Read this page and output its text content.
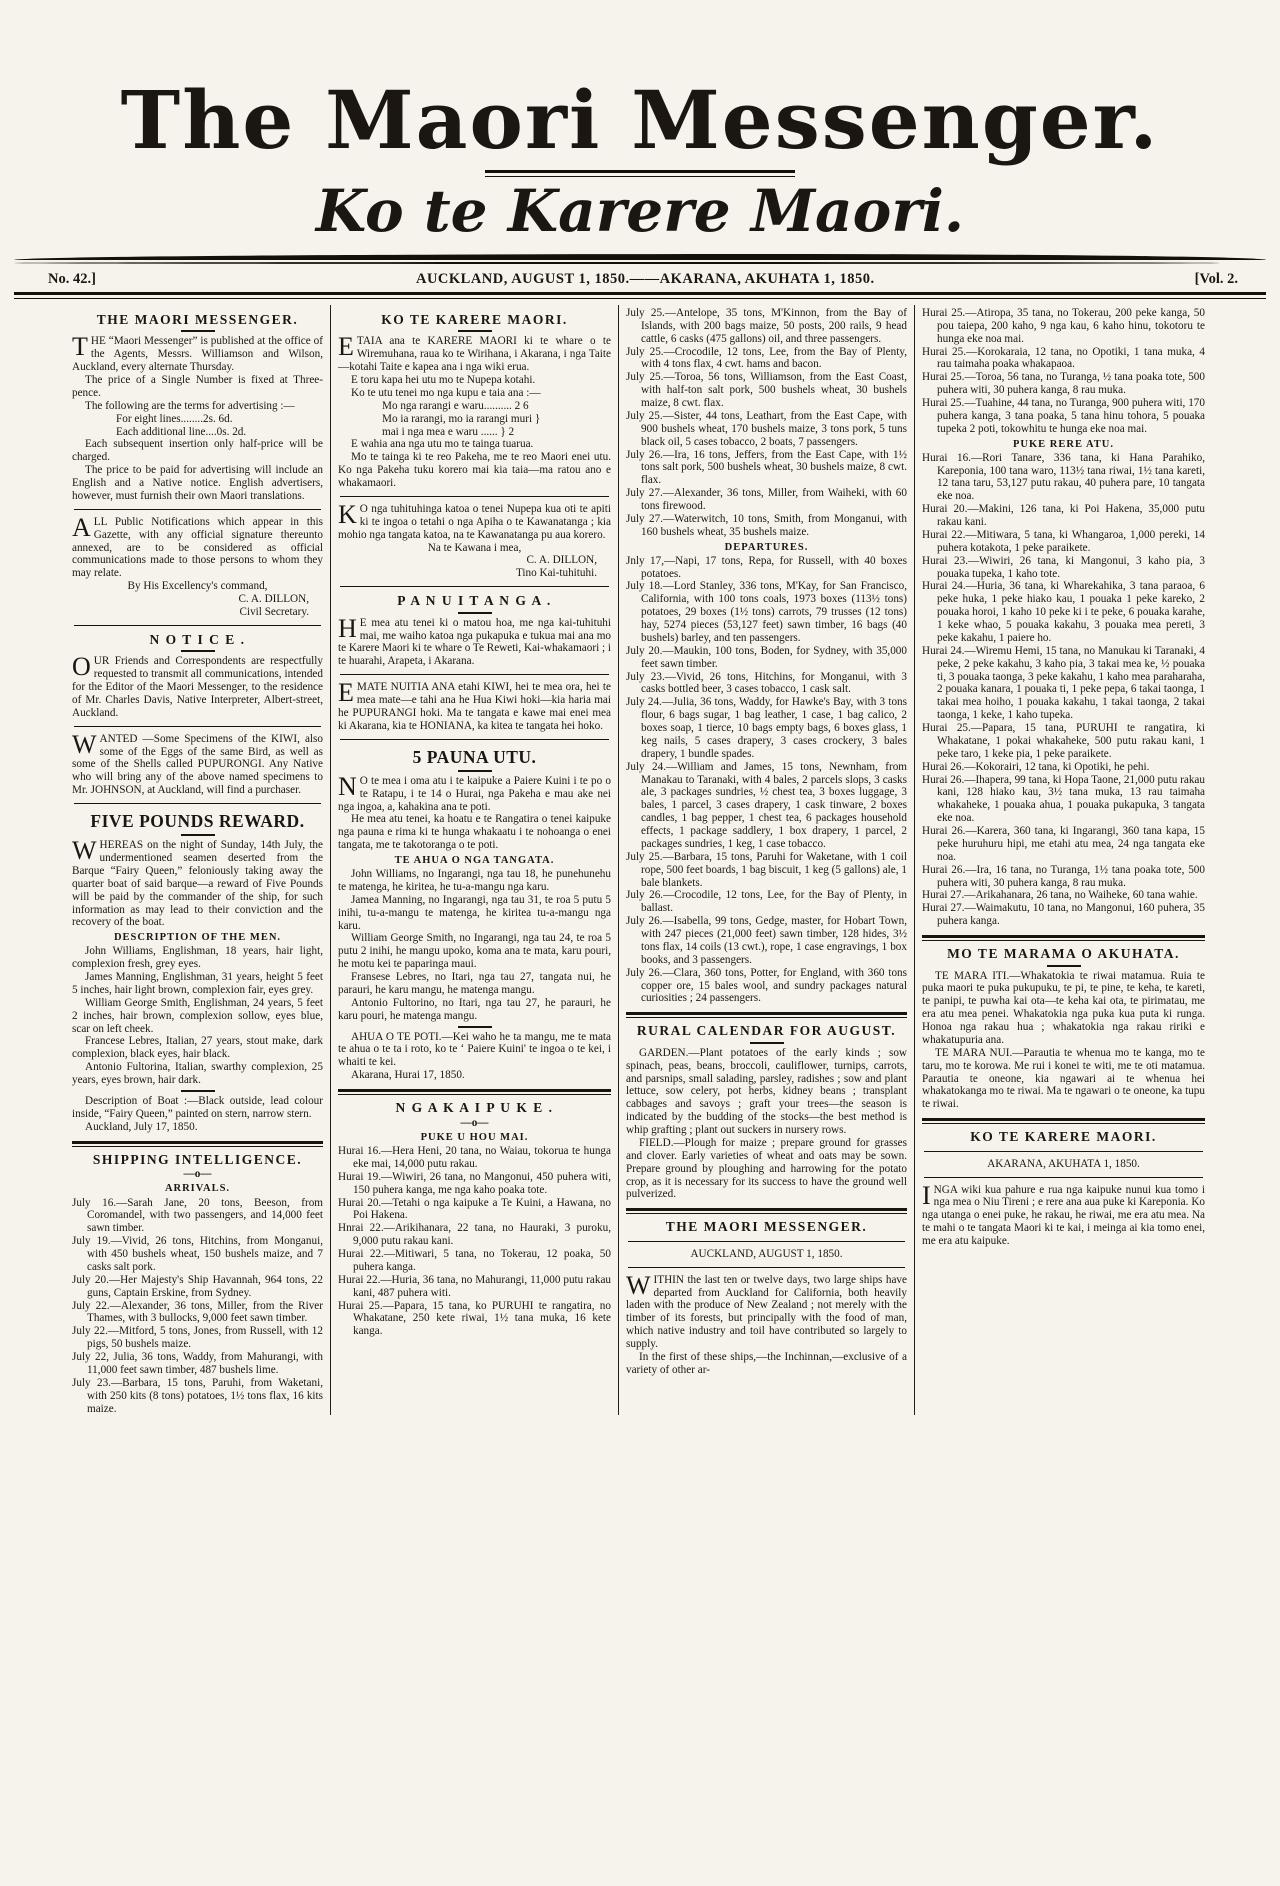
The Maori Messenger.
Ko te Karere Maori.
No. 42.]	AUCKLAND, AUGUST 1, 1850.——AKARANA, AKUHATA 1, 1850.	[Vol. 2.
THE MAORI MESSENGER.

THE “Maori Messenger” is published at the office of the Agents, Messrs. Williamson and Wilson, Auckland, every alternate Thursday.

The price of a Single Number is fixed at Three-pence.

The following are the terms for advertising :—

For eight lines........2s. 6d.

Each additional line....0s. 2d.

Each subsequent insertion only half-price will be charged.

The price to be paid for advertising will include an English and a Native notice. English advertisers, however, must furnish their own Maori translations.

ALL Public Notifications which appear in this Gazette, with any official signature thereunto annexed, are to be considered as official communications made to those persons to whom they may relate.

By His Excellency's command,

C. A. DILLON,

Civil Secretary.

N O T I C E .

OUR Friends and Correspondents are respectfully requested to transmit all communications, intended for the Editor of the Maori Messenger, to the residence of Mr. Charles Davis, Native Interpreter, Albert-street, Auckland.

WANTED —Some Specimens of the KIWI, also some of the Eggs of the same Bird, as well as some of the Shells called PUPURONGI. Any Native who will bring any of the above named specimens to Mr. JOHNSON, at Auckland, will find a purchaser.

FIVE POUNDS REWARD.

WHEREAS on the night of Sunday, 14th July, the undermentioned seamen deserted from the Barque “Fairy Queen,” feloniously taking away the quarter boat of said barque—a reward of Five Pounds will be paid by the commander of the ship, for such information as may lead to their conviction and the recovery of the boat.

DESCRIPTION OF THE MEN.

John Williams, Englishman, 18 years, hair light, complexion fresh, grey eyes.

James Manning, Englishman, 31 years, height 5 feet 5 inches, hair light brown, complexion fair, eyes grey.

William George Smith, Englishman, 24 years, 5 feet 2 inches, hair brown, complexion sollow, eyes blue, scar on left cheek.

Francese Lebres, Italian, 27 years, stout make, dark complexion, black eyes, hair black.

Antonio Fultorina, Italian, swarthy complexion, 25 years, eyes brown, hair dark.

Description of Boat :—Black outside, lead colour inside, “Fairy Queen,” painted on stern, narrow stern.

Auckland, July 17, 1850.

SHIPPING INTELLIGENCE.
—o—
ARRIVALS.

July 16.—Sarah Jane, 20 tons, Beeson, from Coromandel, with two passengers, and 14,000 feet sawn timber.

July 19.—Vivid, 26 tons, Hitchins, from Monganui, with 450 bushels wheat, 150 bushels maize, and 7 casks salt pork.

July 20.—Her Majesty's Ship Havannah, 964 tons, 22 guns, Captain Erskine, from Sydney.

July 22.—Alexander, 36 tons, Miller, from the River Thames, with 3 bullocks, 9,000 feet sawn timber.

July 22.—Mitford, 5 tons, Jones, from Russell, with 12 pigs, 50 bushels maize.

July 22, Julia, 36 tons, Waddy, from Mahurangi, with 11,000 feet sawn timber, 487 bushels lime.

July 23.—Barbara, 15 tons, Paruhi, from Waketani, with 250 kits (8 tons) potatoes, 1½ tons flax, 16 kits maize.

KO TE KARERE MAORI.

ETAIA ana te KARERE MAORI ki te whare o te Wiremuhana, raua ko te Wirihana, i Akarana, i nga Taite—kotahi Taite e kapea ana i nga wiki erua.

E toru kapa hei utu mo te Nupepa kotahi.

Ko te utu tenei mo nga kupu e taia ana :—

Mo nga rarangi e waru.......... 2 6

Mo ia rarangi, mo ia rarangi muri }

mai i nga mea e waru ...... } 2

E wahia ana nga utu mo te tainga tuarua.

Mo te tainga ki te reo Pakeha, me te reo Maori enei utu. Ko nga Pakeha tuku korero mai kia taia—ma ratou ano e whakamaori.

KO nga tuhituhinga katoa o tenei Nupepa kua oti te apiti ki te ingoa o tetahi o nga Apiha o te Kawanatanga ; kia mohio nga tangata katoa, na te Kawanatanga pu aua korero.

Na te Kawana i mea,

C. A. DILLON,

Tino Kai-tuhituhi.

P A N U I T A N G A .

HE mea atu tenei ki o matou hoa, me nga kai-tuhituhi mai, me waiho katoa nga pukapuka e tukua mai ana mo te Karere Maori ki te whare o Te Reweti, Kai-whakamaori ; i te huarahi, Arapeta, i Akarana.

EMATE NUITIA ANA etahi KIWI, hei te mea ora, hei te mea mate—e tahi ana he Hua Kiwi hoki—kia haria mai he PUPURANGI hoki. Ma te tangata e kawe mai enei mea ki Akarana, kia te HONIANA, ka kitea te tangata hei hoko.

5 PAUNA UTU.

NO te mea i oma atu i te kaipuke a Paiere Kuini i te po o te Ratapu, i te 14 o Hurai, nga Pakeha e mau ake nei nga ingoa, a, kahakina ana te poti.

He mea atu tenei, ka hoatu e te Rangatira o tenei kaipuke nga pauna e rima ki te hunga whakaatu i te nohoanga o enei tangata, me te takotoranga o te poti.

TE AHUA O NGA TANGATA.

John Williams, no Ingarangi, nga tau 18, he punehunehu te matenga, he kiritea, he tu-a-mangu nga karu.

Jamea Manning, no Ingarangi, nga tau 31, te roa 5 putu 5 inihi, tu-a-mangu te matenga, he kiritea tu-a-mangu nga karu.

William George Smith, no Ingarangi, nga tau 24, te roa 5 putu 2 inihi, he mangu upoko, koma ana te mata, karu pouri, he motu kei te paparinga maui.

Fransese Lebres, no Itari, nga tau 27, tangata nui, he parauri, he karu mangu, he matenga mangu.

Antonio Fultorino, no Itari, nga tau 27, he parauri, he karu pouri, he matenga mangu.

AHUA O TE POTI.—Kei waho he ta mangu, me te mata te ahua o te ta i roto, ko te ‘ Paiere Kuini' te ingoa o te kei, i whaiti te kei.

Akarana, Hurai 17, 1850.

N G A K A I P U K E .
—o—
PUKE U HOU MAI.

Hurai 16.—Hera Heni, 20 tana, no Waiau, tokorua te hunga eke mai, 14,000 putu rakau.

Hurai 19.—Wiwiri, 26 tana, no Mangonui, 450 puhera witi, 150 puhera kanga, me nga kaho poaka tote.

Hurai 20.—Tetahi o nga kaipuke a Te Kuini, a Hawana, no Poi Hakena.

Hnrai 22.—Arikihanara, 22 tana, no Hauraki, 3 puroku, 9,000 putu rakau kani.

Hurai 22.—Mitiwari, 5 tana, no Tokerau, 12 poaka, 50 puhera kanga.

Hurai 22.—Huria, 36 tana, no Mahurangi, 11,000 putu rakau kani, 487 puhera witi.

Hurai 25.—Papara, 15 tana, ko PURUHI te rangatira, no Whakatane, 250 kete riwai, 1½ tana muka, 16 kete kanga.

July 25.—Antelope, 35 tons, M'Kinnon, from the Bay of Islands, with 200 bags maize, 50 posts, 200 rails, 9 head cattle, 6 casks (475 gallons) oil, and three passengers.

July 25.—Crocodile, 12 tons, Lee, from the Bay of Plenty, with 4 tons flax, 4 cwt. hams and bacon.

July 25.—Toroa, 56 tons, Williamson, from the East Coast, with half-ton salt pork, 500 bushels wheat, 30 bushels maize, 8 cwt. flax.

July 25.—Sister, 44 tons, Leathart, from the East Cape, with 900 bushels wheat, 170 bushels maize, 3 tons pork, 5 tuns black oil, 5 cases tobacco, 2 boats, 7 passengers.

July 26.—Ira, 16 tons, Jeffers, from the East Cape, with 1½ tons salt pork, 500 bushels wheat, 30 bushels maize, 8 cwt. flax.

July 27.—Alexander, 36 tons, Miller, from Waiheki, with 60 tons firewood.

July 27.—Waterwitch, 10 tons, Smith, from Monganui, with 160 bushels wheat, 35 bushels maize.

DEPARTURES.

Jnly 17,—Napi, 17 tons, Repa, for Russell, with 40 boxes potatoes.

July 18.—Lord Stanley, 336 tons, M'Kay, for San Francisco, California, with 100 tons coals, 1973 boxes (113½ tons) potatoes, 29 boxes (1½ tons) carrots, 79 trusses (12 tons) hay, 5274 pieces (53,127 feet) sawn timber, 16 bags (40 bushels) barley, and ten passengers.

July 20.—Maukin, 100 tons, Boden, for Sydney, with 35,000 feet sawn timber.

July 23.—Vivid, 26 tons, Hitchins, for Monganui, with 3 casks bottled beer, 3 cases tobacco, 1 cask salt.

July 24.—Julia, 36 tons, Waddy, for Hawke's Bay, with 3 tons flour, 6 bags sugar, 1 bag leather, 1 case, 1 bag calico, 2 boxes soap, 1 tierce, 10 bags empty bags, 6 boxes glass, 1 keg nails, 5 cases drapery, 3 cases crockery, 3 bales drapery, 1 bundle spades.

July 24.—William and James, 15 tons, Newnham, from Manakau to Taranaki, with 4 bales, 2 parcels slops, 3 casks ale, 3 packages sundries, ½ chest tea, 3 boxes luggage, 3 bales, 1 parcel, 3 cases drapery, 1 cask tinware, 2 boxes candles, 1 bag pepper, 1 chest tea, 6 packages household effects, 1 package saddlery, 1 box drapery, 1 parcel, 2 packages sundries, 1 keg, 1 case tobacco.

July 25.—Barbara, 15 tons, Paruhi for Waketane, with 1 coil rope, 500 feet boards, 1 bag biscuit, 1 keg (5 gallons) ale, 1 bale blankets.

July 26.—Crocodile, 12 tons, Lee, for the Bay of Plenty, in ballast.

July 26.—Isabella, 99 tons, Gedge, master, for Hobart Town, with 247 pieces (21,000 feet) sawn timber, 128 hides, 3½ tons flax, 14 coils (13 cwt.), rope, 1 case engravings, 1 box books, and 3 passengers.

July 26.—Clara, 360 tons, Potter, for England, with 360 tons copper ore, 15 bales wool, and sundry packages natural curiosities ; 24 passengers.

RURAL CALENDAR FOR AUGUST.

GARDEN.—Plant potatoes of the early kinds ; sow spinach, peas, beans, broccoli, cauliflower, turnips, carrots, and parsnips, small salading, parsley, radishes ; sow and plant lettuce, sow celery, pot herbs, kidney beans ; transplant cabbages and savoys ; graft your trees—the season is indicated by the budding of the stocks—the best method is whip grafting ; plant out suckers in nursery rows.

FIELD.—Plough for maize ; prepare ground for grasses and clover. Early varieties of wheat and oats may be sown. Prepare ground by ploughing and harrowing for the potato crop, as it is necessary for its success to have the ground well pulverized.

THE MAORI MESSENGER.

AUCKLAND, AUGUST 1, 1850.

WITHIN the last ten or twelve days, two large ships have departed from Auckland for California, both heavily laden with the produce of New Zealand ; not merely with the timber of its forests, but principally with the food of man, which native industry and toil have contributed so largely to supply.

In the first of these ships,—the Inchinnan,—exclusive of a variety of other ar-

Hurai 25.—Atiropa, 35 tana, no Tokerau, 200 peke kanga, 50 pou taiepa, 200 kaho, 9 nga kau, 6 kaho hinu, tokotoru te hunga eke noa mai.

Hurai 25.—Korokaraia, 12 tana, no Opotiki, 1 tana muka, 4 rau taimaha poaka whakapaoa.

Hurai 25.—Toroa, 56 tana, no Turanga, ½ tana poaka tote, 500 puhera witi, 30 puhera kanga, 8 rau muka.

Hurai 25.—Tuahine, 44 tana, no Turanga, 900 puhera witi, 170 puhera kanga, 3 tana poaka, 5 tana hinu tohora, 5 pouaka tupeka 2 poti, tokowhitu te hunga eke noa mai.

PUKE RERE ATU.

Hurai 16.—Rori Tanare, 336 tana, ki Hana Parahiko, Kareponia, 100 tana waro, 113½ tana riwai, 1½ tana kareti, 12 tana taru, 53,127 putu rakau, 40 puhera pare, 10 tangata eke noa.

Hurai 20.—Makini, 126 tana, ki Poi Hakena, 35,000 putu rakau kani.

Hurai 22.—Mitiwara, 5 tana, ki Whangaroa, 1,000 pereki, 14 puhera kotakota, 1 peke paraikete.

Hurai 23.—Wiwiri, 26 tana, ki Mangonui, 3 kaho pia, 3 pouaka tupeka, 1 kaho tote.

Hurai 24.—Huria, 36 tana, ki Wharekahika, 3 tana paraoa, 6 peke huka, 1 peke hiako kau, 1 pouaka 1 peke kareko, 2 pouaka horoi, 1 kaho 10 peke ki i te peke, 6 pouaka karahe, 1 keke whao, 5 pouaka kakahu, 3 pouaka mea pereti, 3 peke kakahu, 1 paiere ho.

Hurai 24.—Wiremu Hemi, 15 tana, no Manukau ki Taranaki, 4 peke, 2 peke kakahu, 3 kaho pia, 3 takai mea ke, ½ pouaka ti, 3 pouaka taonga, 3 peke kakahu, 1 kaho mea paraharaha, 2 pouaka kanara, 1 pouaka ti, 1 peke pepa, 6 takai taonga, 1 takai mea hoiho, 1 pouaka kakahu, 1 takai taonga, 2 takai taonga, 1 keke, 1 kaho tupeka.

Hurai 25.—Papara, 15 tana, PURUHI te rangatira, ki Whakatane, 1 pokai whakaheke, 500 putu rakau kani, 1 peke taro, 1 keke pia, 1 peke paraikete.

Hurai 26.—Kokorairi, 12 tana, ki Opotiki, he pehi.

Hurai 26.—Ihapera, 99 tana, ki Hopa Taone, 21,000 putu rakau kani, 128 hiako kau, 3½ tana muka, 13 rau taimaha whakaheke, 1 pouaka ahua, 1 pouaka pukapuka, 3 tangata eke noa.

Hurai 26.—Karera, 360 tana, ki Ingarangi, 360 tana kapa, 15 peke huruhuru hipi, me etahi atu mea, 24 nga tangata eke noa.

Hurai 26.—Ira, 16 tana, no Turanga, 1½ tana poaka tote, 500 puhera witi, 30 puhera kanga, 8 rau muka.

Hurai 27.—Arikahanara, 26 tana, no Waiheke, 60 tana wahie.

Hurai 27.—Waimakutu, 10 tana, no Mangonui, 160 puhera, 35 puhera kanga.

MO TE MARAMA O AKUHATA.

TE MARA ITI.—Whakatokia te riwai matamua. Ruia te puka maori te puka pukupuku, te pi, te pine, te keha, te kareti, te panipi, te puwha kai ota—te keha kai ota, te pirimatau, me era atu mea penei. Whakatokia nga puka kua puta ki runga. Honoa nga rakau hua ; whakatokia nga rakau ririki e whakatupuria ana.

TE MARA NUI.—Parautia te whenua mo te kanga, mo te taru, mo te korowa. Me rui i konei te witi, me te oti matamua. Parautia te oneone, kia ngawari ai te whenua hei whakatokanga mo te riwai. Ma te ngawari o te oneone, ka tupu te riwai.

KO TE KARERE MAORI.

AKARANA, AKUHATA 1, 1850.

INGA wiki kua pahure e rua nga kaipuke nunui kua tomo i nga mea o Niu Tireni ; e rere ana aua puke ki Kareponia. Ko nga utanga o enei puke, he rakau, he riwai, me era atu mea. Na te mahi o te tangata Maori ki te kai, i meinga ai kia tomo enei, me era atu kaipuke.
